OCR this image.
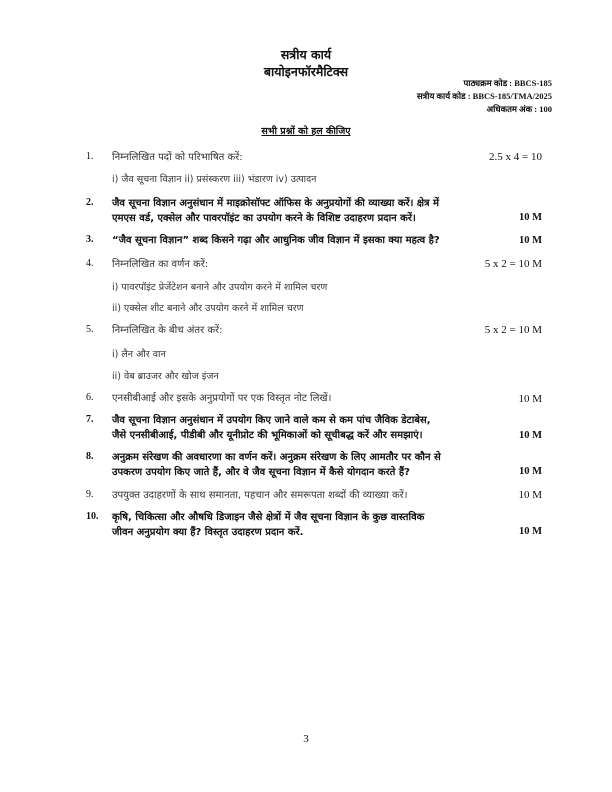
सत्रीय कार्य
बायोइनफॉरमैटिक्स
पाठ्यक्रम कोड : BBCS-185
सत्रीय कार्य कोड : BBCS-185/TMA/2025
अधिकतम अंक : 100
सभी प्रश्नों को हल कीजिए
1. निम्नलिखित पदों को परिभाषित करें:	2.5 x 4 = 10
i) जैव सूचना विज्ञान ii) प्रसंस्करण iii) भंडारण iv) उत्पादन
2. जैव सूचना विज्ञान अनुसंधान में माइक्रोसॉफ्ट ऑफिस के अनुप्रयोगों की व्याख्या करें। क्षेत्र में
एमएस वर्ड, एक्सेल और पावरपॉइंट का उपयोग करने के विशिष्ट उदाहरण प्रदान करें।	10 M
3. “जैव सूचना विज्ञान” शब्द किसने गढ़ा और आधुनिक जीव विज्ञान में इसका क्या महत्व है?	10 M
4. निम्नलिखित का वर्णन करें:	5 x 2 = 10 M
i) पावरपॉइंट प्रेजेंटेशन बनाने और उपयोग करने में शामिल चरण
ii) एक्सेल शीट बनाने और उपयोग करने में शामिल चरण
5. निम्नलिखित के बीच अंतर करें:	5 x 2 = 10 M
i) लैन और वान
ii) वेब ब्राउजर और खोज इंजन
6. एनसीबीआई और इसके अनुप्रयोगों पर एक विस्तृत नोट लिखें।	10 M
7. जैव सूचना विज्ञान अनुसंधान में उपयोग किए जाने वाले कम से कम पांच जैविक डेटाबेस,
जैसे एनसीबीआई, पीडीबी और यूनीप्रोट की भूमिकाओं को सूचीबद्ध करें और समझाएं।	10 M
8. अनुक्रम संरेखण की अवधारणा का वर्णन करें। अनुक्रम संरेखण के लिए आमतौर पर कौन से
उपकरण उपयोग किए जाते हैं, और वे जैव सूचना विज्ञान में कैसे योगदान करते हैं?	10 M
9. उपयुक्त उदाहरणों के साथ समानता, पहचान और समरूपता शब्दों की व्याख्या करें।	10 M
10. कृषि, चिकित्सा और औषधि डिजाइन जैसे क्षेत्रों में जैव सूचना विज्ञान के कुछ वास्तविक
जीवन अनुप्रयोग क्या हैं? विस्तृत उदाहरण प्रदान करें.	10 M
3
